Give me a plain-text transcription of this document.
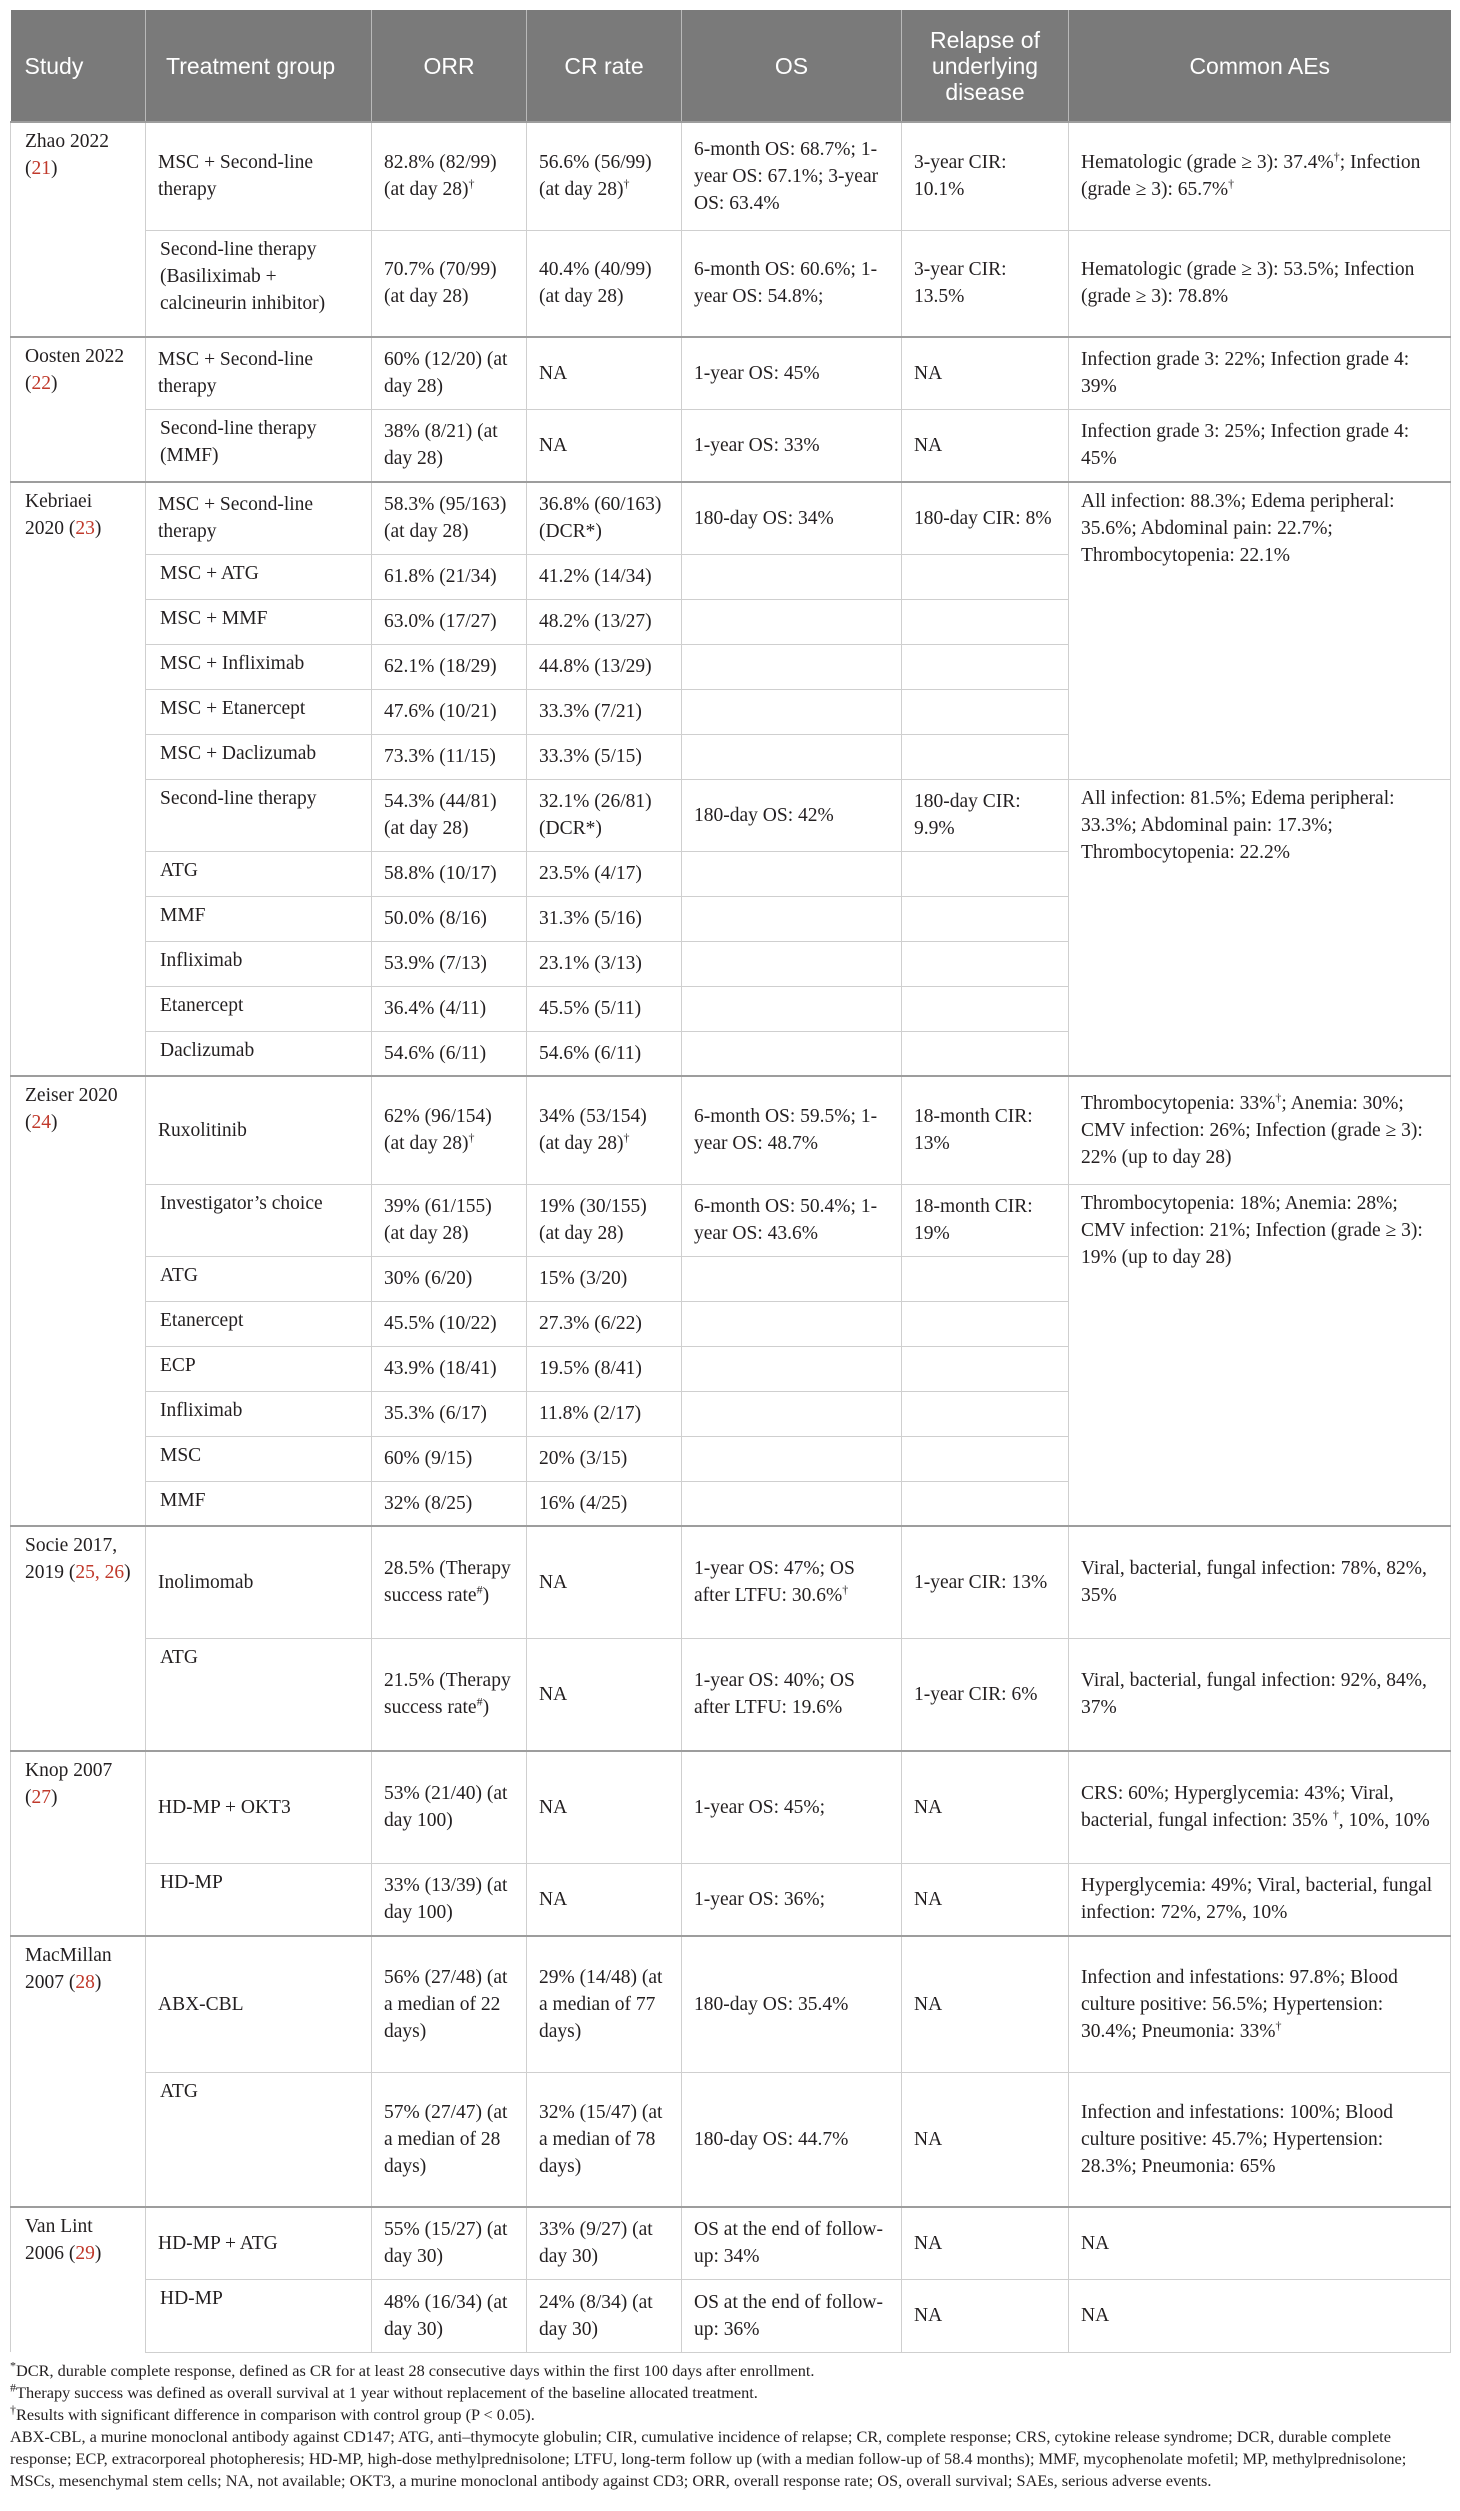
Study	Treatment group	ORR	CR rate	OS	Relapse of underlying disease	Common AEs
Zhao 2022 (21)	MSC + Second-line therapy	82.8% (82/99) (at day 28)†	56.6% (56/99) (at day 28)†	6-month OS: 68.7%; 1-year OS: 67.1%; 3-year OS: 63.4%	3-year CIR: 10.1%	Hematologic (grade ≥ 3): 37.4%†; Infection (grade ≥ 3): 65.7%†
	Second-line therapy (Basiliximab + calcineurin inhibitor)	70.7% (70/99) (at day 28)	40.4% (40/99) (at day 28)	6-month OS: 60.6%; 1-year OS: 54.8%;	3-year CIR: 13.5%	Hematologic (grade ≥ 3): 53.5%; Infection (grade ≥ 3): 78.8%
Oosten 2022 (22)	MSC + Second-line therapy	60% (12/20) (at day 28)	NA	1-year OS: 45%	NA	Infection grade 3: 22%; Infection grade 4: 39%
	Second-line therapy (MMF)	38% (8/21) (at day 28)	NA	1-year OS: 33%	NA	Infection grade 3: 25%; Infection grade 4: 45%
Kebriaei 2020 (23)	MSC + Second-line therapy	58.3% (95/163) (at day 28)	36.8% (60/163) (DCR*)	180-day OS: 34%	180-day CIR: 8%	All infection: 88.3%; Edema peripheral: 35.6%; Abdominal pain: 22.7%; Thrombocytopenia: 22.1%
	MSC + ATG	61.8% (21/34)	41.2% (14/34)			
	MSC + MMF	63.0% (17/27)	48.2% (13/27)			
	MSC + Infliximab	62.1% (18/29)	44.8% (13/29)			
	MSC + Etanercept	47.6% (10/21)	33.3% (7/21)			
	MSC + Daclizumab	73.3% (11/15)	33.3% (5/15)			
	Second-line therapy	54.3% (44/81) (at day 28)	32.1% (26/81) (DCR*)	180-day OS: 42%	180-day CIR: 9.9%	All infection: 81.5%; Edema peripheral: 33.3%; Abdominal pain: 17.3%; Thrombocytopenia: 22.2%
	ATG	58.8% (10/17)	23.5% (4/17)			
	MMF	50.0% (8/16)	31.3% (5/16)			
	Infliximab	53.9% (7/13)	23.1% (3/13)			
	Etanercept	36.4% (4/11)	45.5% (5/11)			
	Daclizumab	54.6% (6/11)	54.6% (6/11)			
Zeiser 2020 (24)	Ruxolitinib	62% (96/154) (at day 28)†	34% (53/154) (at day 28)†	6-month OS: 59.5%; 1-year OS: 48.7%	18-month CIR: 13%	Thrombocytopenia: 33%†; Anemia: 30%; CMV infection: 26%; Infection (grade ≥ 3): 22% (up to day 28)
	Investigator’s choice	39% (61/155) (at day 28)	19% (30/155) (at day 28)	6-month OS: 50.4%; 1-year OS: 43.6%	18-month CIR: 19%	Thrombocytopenia: 18%; Anemia: 28%; CMV infection: 21%; Infection (grade ≥ 3): 19% (up to day 28)
	ATG	30% (6/20)	15% (3/20)			
	Etanercept	45.5% (10/22)	27.3% (6/22)			
	ECP	43.9% (18/41)	19.5% (8/41)			
	Infliximab	35.3% (6/17)	11.8% (2/17)			
	MSC	60% (9/15)	20% (3/15)			
	MMF	32% (8/25)	16% (4/25)			
Socie 2017, 2019 (25, 26)	Inolimomab	28.5% (Therapy success rate#)	NA	1-year OS: 47%; OS after LTFU: 30.6%†	1-year CIR: 13%	Viral, bacterial, fungal infection: 78%, 82%, 35%
	ATG	21.5% (Therapy success rate#)	NA	1-year OS: 40%; OS after LTFU: 19.6%	1-year CIR: 6%	Viral, bacterial, fungal infection: 92%, 84%, 37%
Knop 2007 (27)	HD-MP + OKT3	53% (21/40) (at day 100)	NA	1-year OS: 45%;	NA	CRS: 60%; Hyperglycemia: 43%; Viral, bacterial, fungal infection: 35% †, 10%, 10%
	HD-MP	33% (13/39) (at day 100)	NA	1-year OS: 36%;	NA	Hyperglycemia: 49%; Viral, bacterial, fungal infection: 72%, 27%, 10%
MacMillan 2007 (28)	ABX-CBL	56% (27/48) (at a median of 22 days)	29% (14/48) (at a median of 77 days)	180-day OS: 35.4%	NA	Infection and infestations: 97.8%; Blood culture positive: 56.5%; Hypertension: 30.4%; Pneumonia: 33%†
	ATG	57% (27/47) (at a median of 28 days)	32% (15/47) (at a median of 78 days)	180-day OS: 44.7%	NA	Infection and infestations: 100%; Blood culture positive: 45.7%; Hypertension: 28.3%; Pneumonia: 65%
Van Lint 2006 (29)	HD-MP + ATG	55% (15/27) (at day 30)	33% (9/27) (at day 30)	OS at the end of follow-up: 34%	NA	NA
	HD-MP	48% (16/34) (at day 30)	24% (8/34) (at day 30)	OS at the end of follow-up: 36%	NA	NA
*DCR, durable complete response, defined as CR for at least 28 consecutive days within the first 100 days after enrollment.
#Therapy success was defined as overall survival at 1 year without replacement of the baseline allocated treatment.
†Results with significant difference in comparison with control group (P < 0.05).
ABX-CBL, a murine monoclonal antibody against CD147; ATG, anti–thymocyte globulin; CIR, cumulative incidence of relapse; CR, complete response; CRS, cytokine release syndrome; DCR, durable complete response; ECP, extracorporeal photopheresis; HD-MP, high-dose methylprednisolone; LTFU, long-term follow up (with a median follow-up of 58.4 months); MMF, mycophenolate mofetil; MP, methylprednisolone; MSCs, mesenchymal stem cells; NA, not available; OKT3, a murine monoclonal antibody against CD3; ORR, overall response rate; OS, overall survival; SAEs, serious adverse events.
